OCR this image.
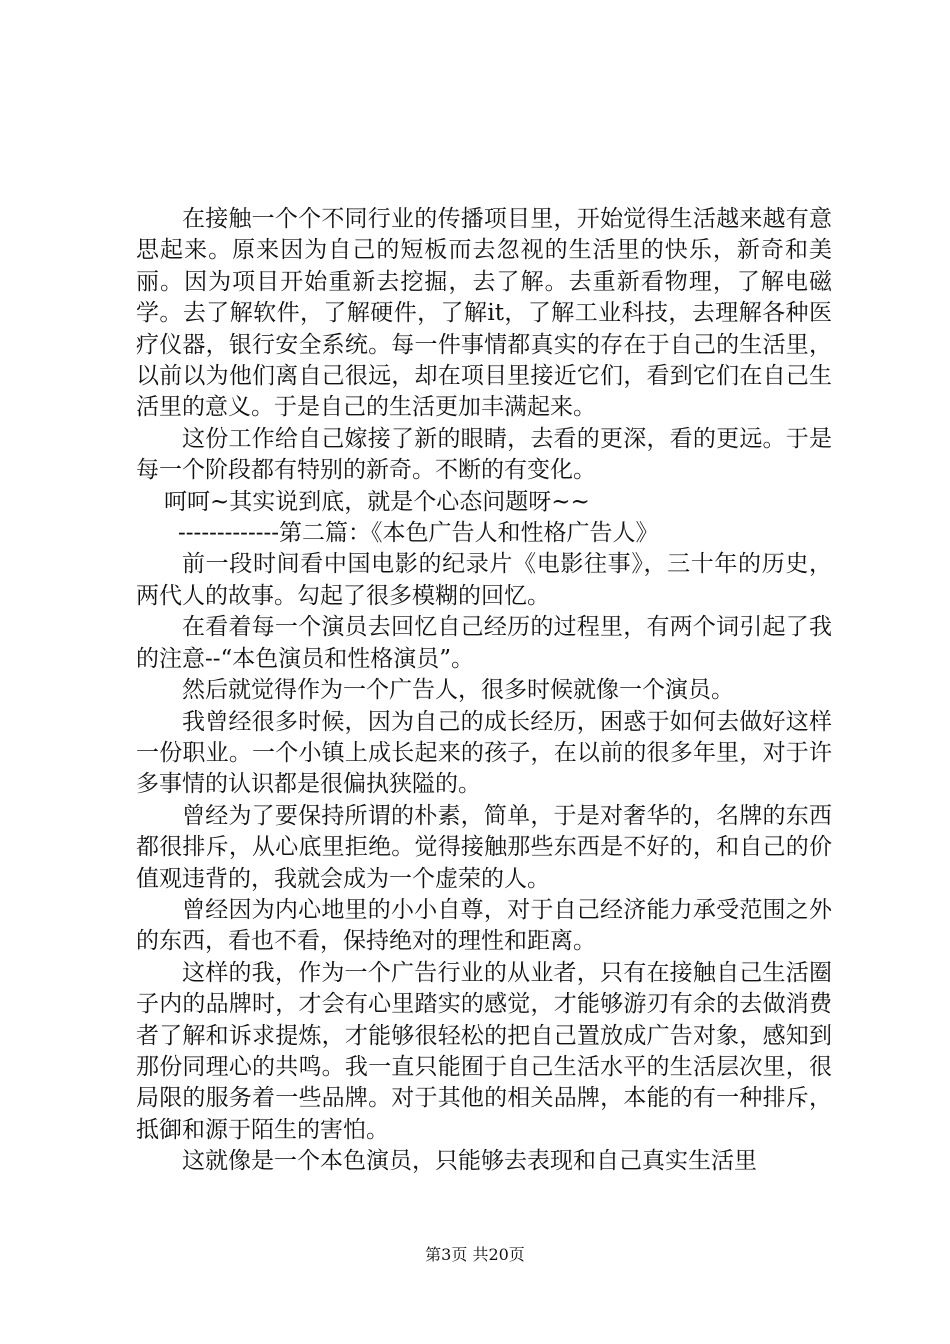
在接触一个个不同行业的传播项目里，开始觉得生活越来越有意思起来。原来因为自己的短板而去忽视的生活里的快乐，新奇和美丽。因为项目开始重新去挖掘，去了解。去重新看物理，了解电磁学。去了解软件，了解硬件，了解it，了解工业科技，去理解各种医疗仪器，银行安全系统。每一件事情都真实的存在于自己的生活里，以前以为他们离自己很远，却在项目里接近它们，看到它们在自己生活里的意义。于是自己的生活更加丰满起来。

这份工作给自己嫁接了新的眼睛，去看的更深，看的更远。于是每一个阶段都有特别的新奇。不断的有变化。

呵呵~其实说到底，就是个心态问题呀~~

-------------第二篇：《本色广告人和性格广告人》

前一段时间看中国电影的纪录片《电影往事》，三十年的历史，两代人的故事。勾起了很多模糊的回忆。

在看着每一个演员去回忆自己经历的过程里，有两个词引起了我的注意--“本色演员和性格演员”。

然后就觉得作为一个广告人，很多时候就像一个演员。

我曾经很多时候，因为自己的成长经历，困惑于如何去做好这样一份职业。一个小镇上成长起来的孩子，在以前的很多年里，对于许多事情的认识都是很偏执狭隘的。

曾经为了要保持所谓的朴素，简单，于是对奢华的，名牌的东西都很排斥，从心底里拒绝。觉得接触那些东西是不好的，和自己的价值观违背的，我就会成为一个虚荣的人。

曾经因为内心地里的小小自尊，对于自己经济能力承受范围之外的东西，看也不看，保持绝对的理性和距离。

这样的我，作为一个广告行业的从业者，只有在接触自己生活圈子内的品牌时，才会有心里踏实的感觉，才能够游刃有余的去做消费者了解和诉求提炼，才能够很轻松的把自己置放成广告对象，感知到那份同理心的共鸣。我一直只能囿于自己生活水平的生活层次里，很局限的服务着一些品牌。对于其他的相关品牌，本能的有一种排斥，抵御和源于陌生的害怕。

这就像是一个本色演员，只能够去表现和自己真实生活里

第3页 共20页
